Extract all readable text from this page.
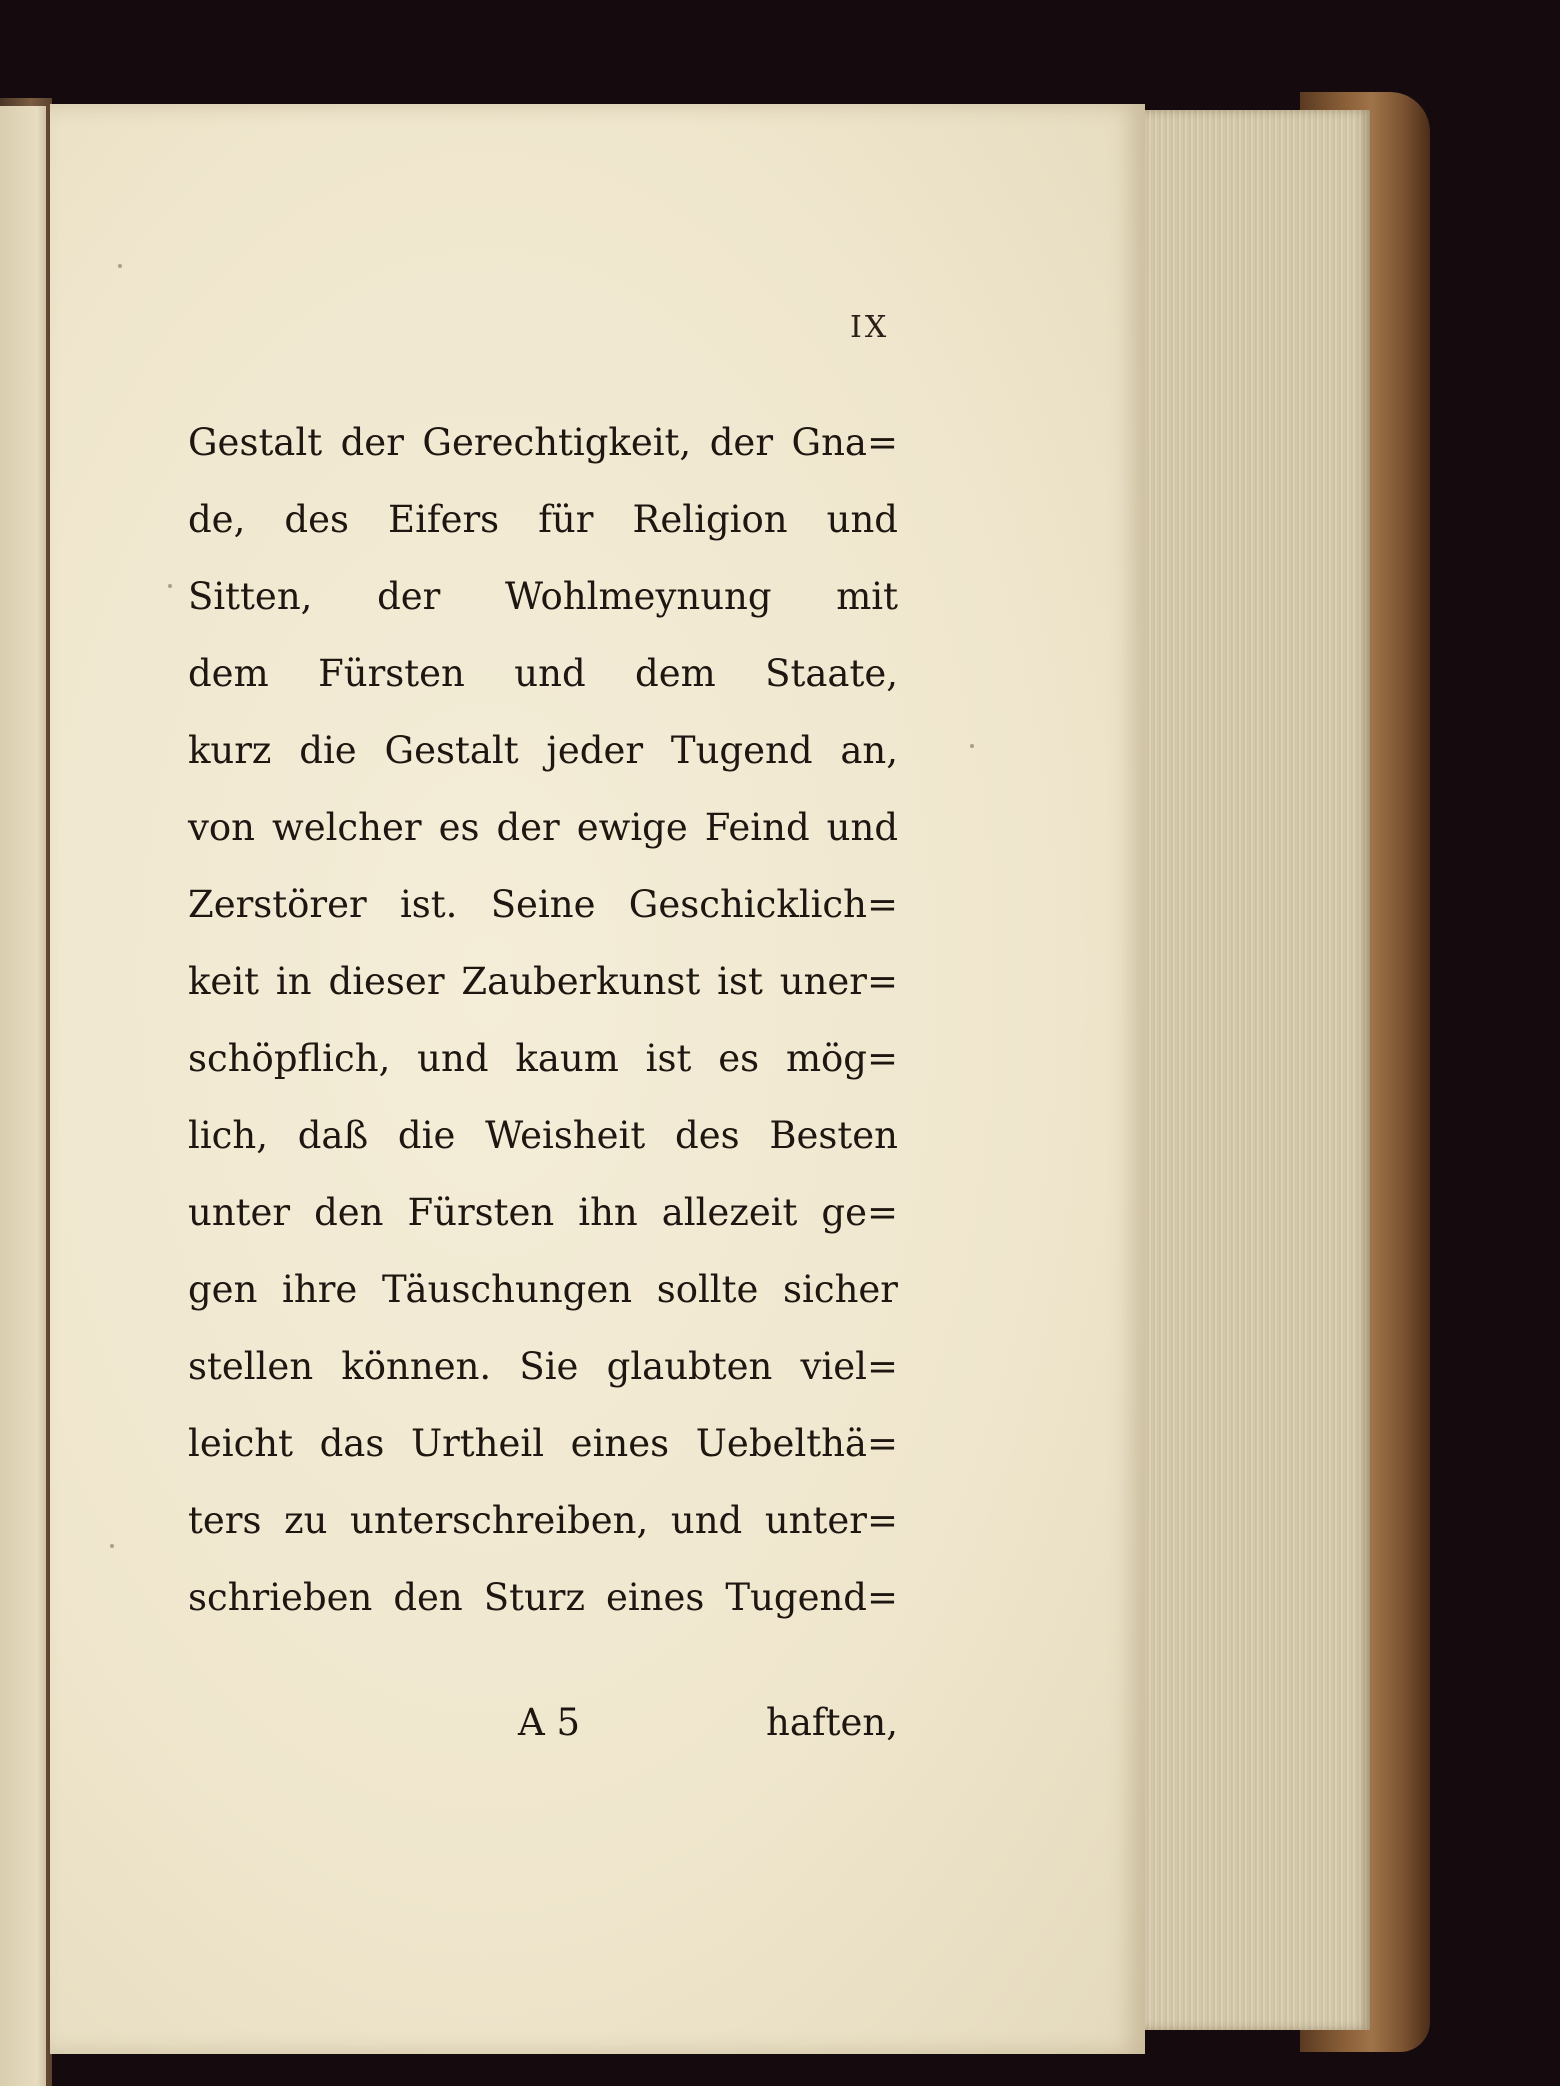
IX
Gestalt der Gerechtigkeit, der Gna=
de, des Eifers für Religion und
Sitten, der Wohlmeynung mit
dem Fürsten und dem Staate,
kurz die Gestalt jeder Tugend an,
von welcher es der ewige Feind und
Zerstörer ist. Seine Geschicklich=
keit in dieser Zauberkunst ist uner=
schöpflich, und kaum ist es mög=
lich, daß die Weisheit des Besten
unter den Fürsten ihn allezeit ge=
gen ihre Täuschungen sollte sicher
stellen können. Sie glaubten viel=
leicht das Urtheil eines Uebelthä=
ters zu unterschreiben, und unter=
schrieben den Sturz eines Tugend=
A 5	haften,
